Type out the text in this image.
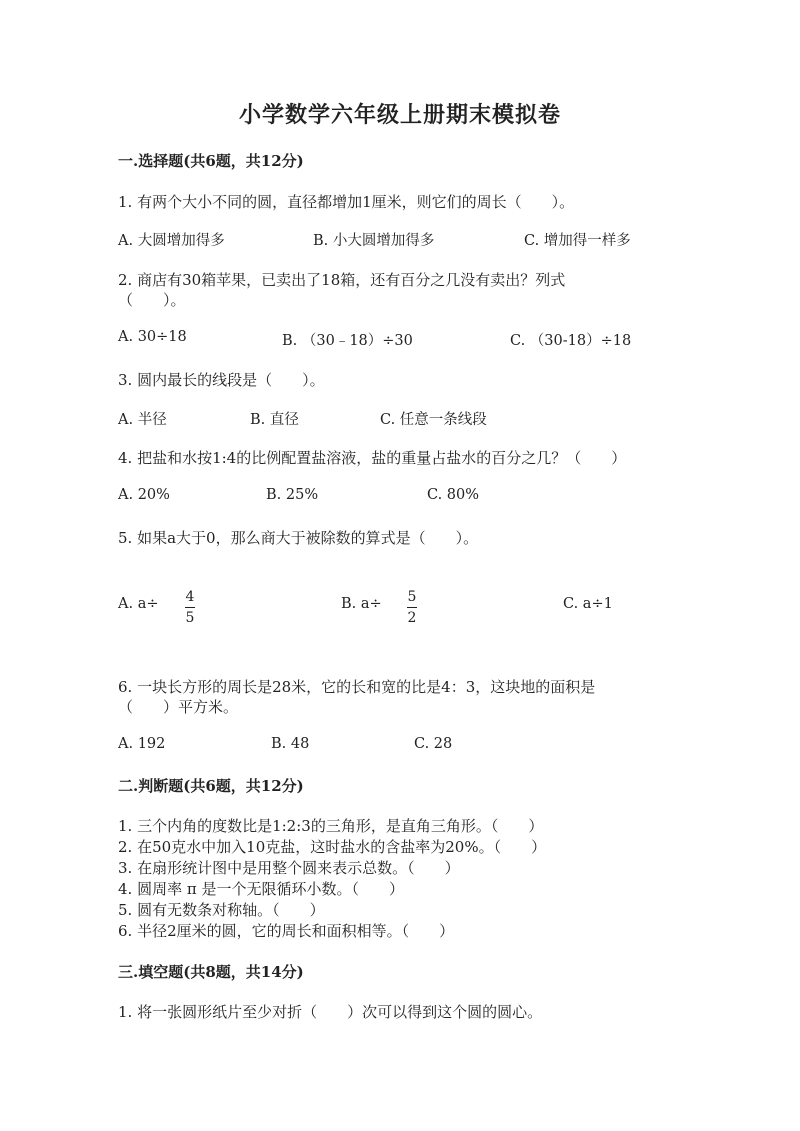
小学数学六年级上册期末模拟卷
一.选择题(共6题，共12分)
1. 有两个大小不同的圆，直径都增加1厘米，则它们的周长（　　）。
A. 大圆增加得多	B. 小大圆增加得多	C. 增加得一样多
2. 商店有30箱苹果，已卖出了18箱，还有百分之几没有卖出？列式
（　　）。
A. 30÷18	B. （30﹣18）÷30	C. （30-18）÷18
3. 圆内最长的线段是（　　）。
A. 半径	B. 直径	C. 任意一条线段
4. 把盐和水按1:4的比例配置盐溶液，盐的重量占盐水的百分之几？（　　）
A. 20%	B. 25%	C. 80%
5. 如果a大于0，那么商大于被除数的算式是（　　）。
A. a÷ 4
5
B. a÷ 5
2
C. a÷1
6. 一块长方形的周长是28米，它的长和宽的比是4：3，这块地的面积是
（　　）平方米。
A. 192	B. 48	C. 28
二.判断题(共6题，共12分)
1. 三个内角的度数比是1:2:3的三角形，是直角三角形。（　　）
2. 在50克水中加入10克盐，这时盐水的含盐率为20%。（　　）
3. 在扇形统计图中是用整个圆来表示总数。（　　）
4. 圆周率 π 是一个无限循环小数。（　　）
5. 圆有无数条对称轴。（　　）
6. 半径2厘米的圆，它的周长和面积相等。（　　）
三.填空题(共8题，共14分)
1. 将一张圆形纸片至少对折（　　）次可以得到这个圆的圆心。
